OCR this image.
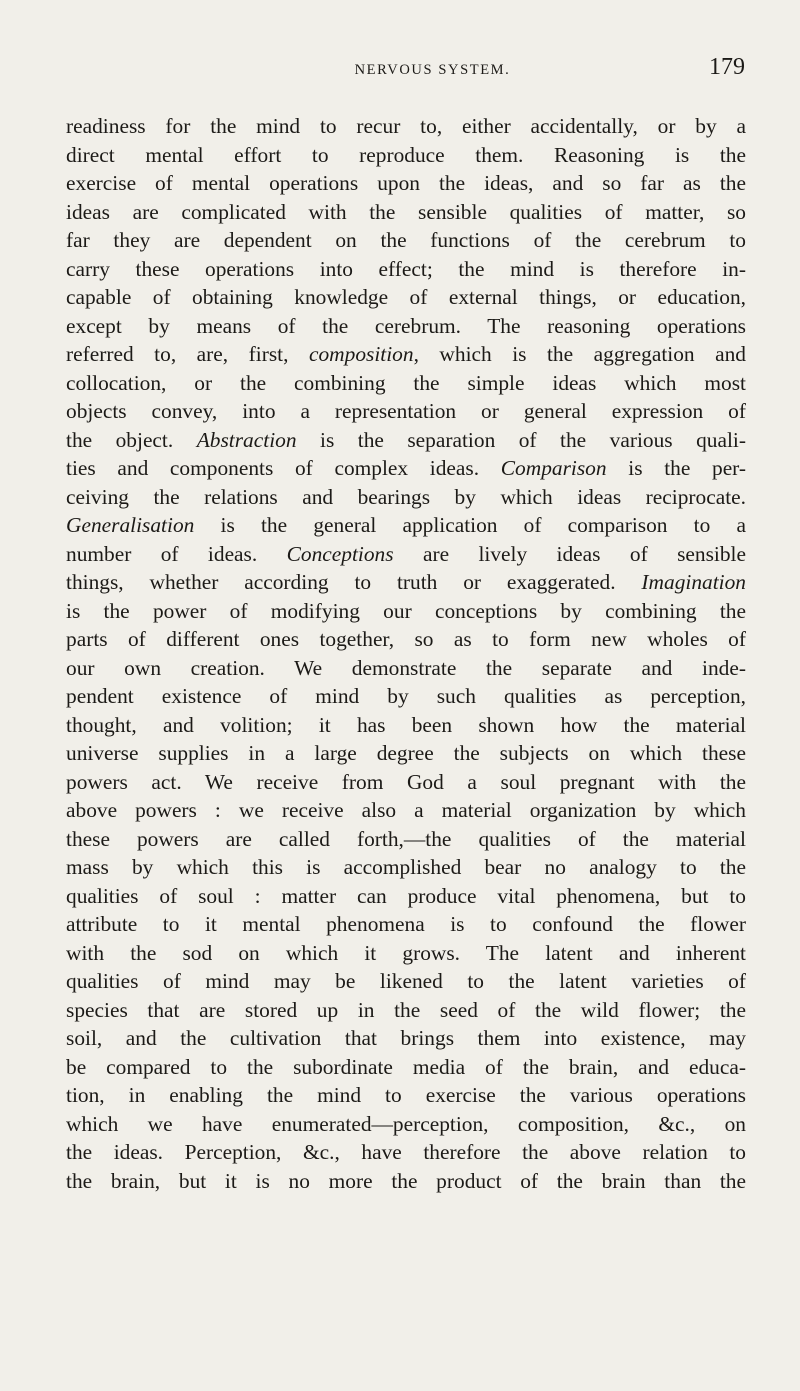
NERVOUS SYSTEM.	179
readiness for the mind to recur to, either accidentally, or by a
direct mental effort to reproduce them. Reasoning is the
exercise of mental operations upon the ideas, and so far as the
ideas are complicated with the sensible qualities of matter, so
far they are dependent on the functions of the cerebrum to
carry these operations into effect; the mind is therefore in-
capable of obtaining knowledge of external things, or education,
except by means of the cerebrum. The reasoning operations
referred to, are, first, composition, which is the aggregation and
collocation, or the combining the simple ideas which most
objects convey, into a representation or general expression of
the object. Abstraction is the separation of the various quali-
ties and components of complex ideas. Comparison is the per-
ceiving the relations and bearings by which ideas reciprocate.
Generalisation is the general application of comparison to a
number of ideas. Conceptions are lively ideas of sensible
things, whether according to truth or exaggerated. Imagination
is the power of modifying our conceptions by combining the
parts of different ones together, so as to form new wholes of
our own creation. We demonstrate the separate and inde-
pendent existence of mind by such qualities as perception,
thought, and volition; it has been shown how the material
universe supplies in a large degree the subjects on which these
powers act. We receive from God a soul pregnant with the
above powers : we receive also a material organization by which
these powers are called forth,—the qualities of the material
mass by which this is accomplished bear no analogy to the
qualities of soul : matter can produce vital phenomena, but to
attribute to it mental phenomena is to confound the flower
with the sod on which it grows. The latent and inherent
qualities of mind may be likened to the latent varieties of
species that are stored up in the seed of the wild flower; the
soil, and the cultivation that brings them into existence, may
be compared to the subordinate media of the brain, and educa-
tion, in enabling the mind to exercise the various operations
which we have enumerated—perception, composition, &c., on
the ideas. Perception, &c., have therefore the above relation to
the brain, but it is no more the product of the brain than the
